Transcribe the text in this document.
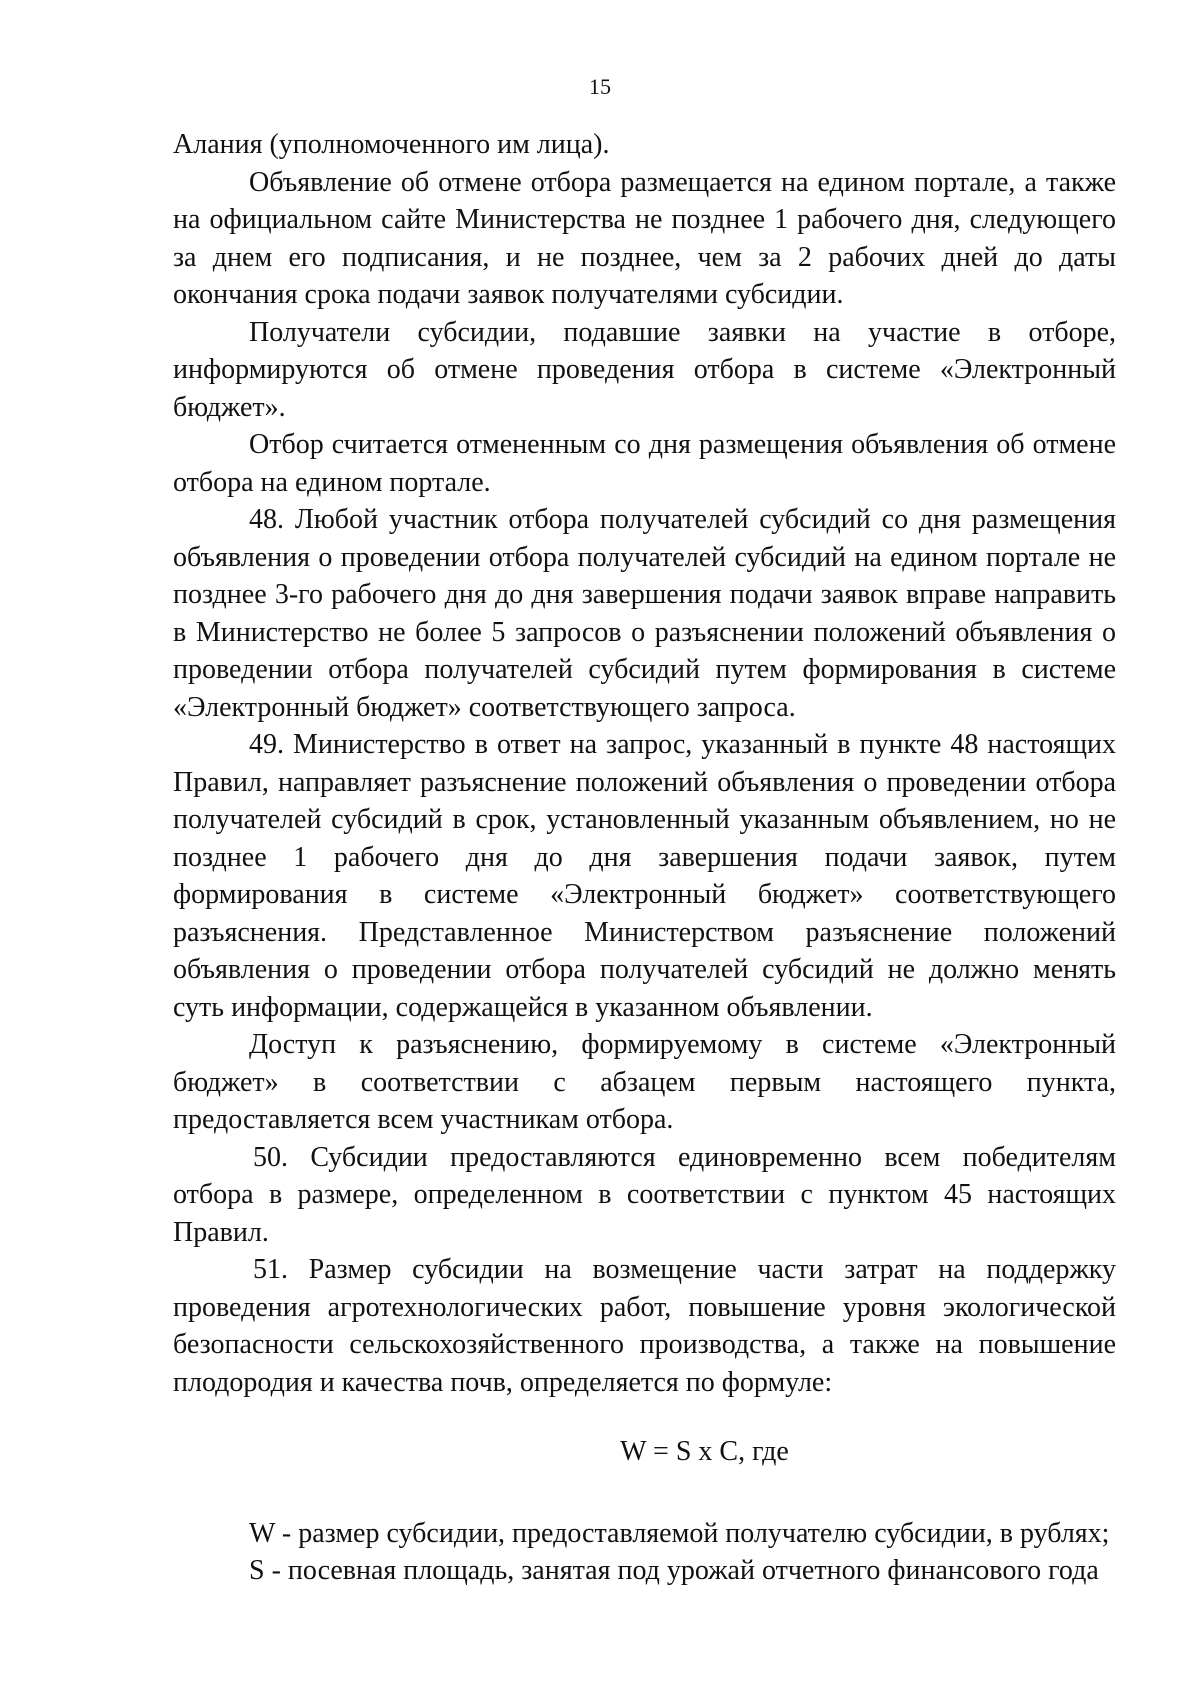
15

Алания (уполномоченного им лица).

Объявление об отмене отбора размещается на едином портале, а также на официальном сайте Министерства не позднее 1 рабочего дня, следующего за днем его подписания, и не позднее, чем за 2 рабочих дней до даты окончания срока подачи заявок получателями субсидии.

Получатели субсидии, подавшие заявки на участие в отборе, информируются об отмене проведения отбора в системе «Электронный бюджет».

Отбор считается отмененным со дня размещения объявления об отмене отбора на едином портале.

48. Любой участник отбора получателей субсидий со дня размещения объявления о проведении отбора получателей субсидий на едином портале не позднее 3-го рабочего дня до дня завершения подачи заявок вправе направить в Министерство не более 5 запросов о разъяснении положений объявления о проведении отбора получателей субсидий путем формирования в системе «Электронный бюджет» соответствующего запроса.

49. Министерство в ответ на запрос, указанный в пункте 48 настоящих Правил, направляет разъяснение положений объявления о проведении отбора получателей субсидий в срок, установленный указанным объявлением, но не позднее 1 рабочего дня до дня завершения подачи заявок, путем формирования в системе «Электронный бюджет» соответствующего разъяснения. Представленное Министерством разъяснение положений объявления о проведении отбора получателей субсидий не должно менять суть информации, содержащейся в указанном объявлении.

Доступ к разъяснению, формируемому в системе «Электронный бюджет» в соответствии с абзацем первым настоящего пункта, предоставляется всем участникам отбора.

50. Субсидии предоставляются единовременно всем победителям отбора в размере, определенном в соответствии с пунктом 45 настоящих Правил.

51. Размер субсидии на возмещение части затрат на поддержку проведения агротехнологических работ, повышение уровня экологической безопасности сельскохозяйственного производства, а также на повышение плодородия и качества почв, определяется по формуле:

W = S x C, где

W - размер субсидии, предоставляемой получателю субсидии, в рублях;

S - посевная площадь, занятая под урожай отчетного финансового года
